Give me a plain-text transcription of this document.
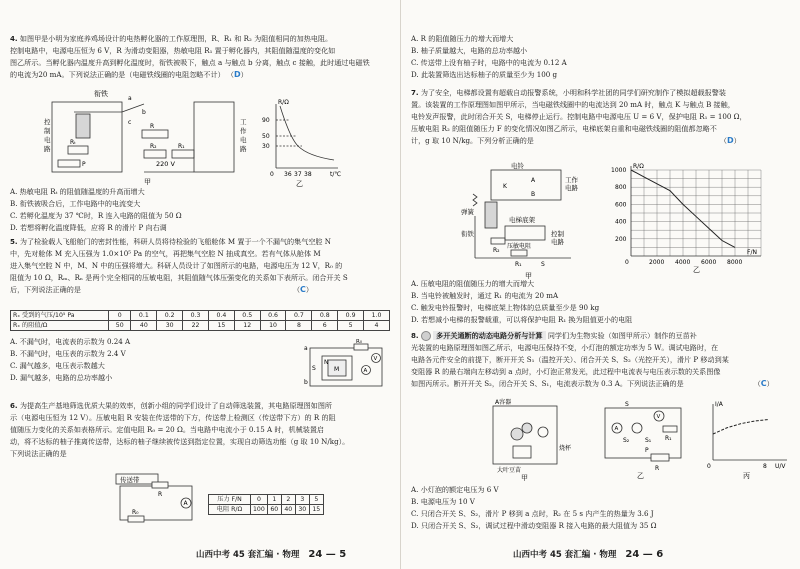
4. 如图甲是小明为家庭养鸡场设计的电热孵化器的工作原理图，R、R₁ 和 R₂ 为阻值相同的加热电阻。
控制电路中，电源电压恒为 6 V，R 为滑动变阻器，热敏电阻 R₁ 置于孵化器内，其阻值随温度的变化如
图乙所示。当孵化器内温度升高到孵化温度时，衔铁被吸下，触点 a 与触点 b 分离，触点 c 接触，此时通过电磁铁
的电流为20 mA。下列说法正确的是（电磁铁线圈的电阻忽略不计） （D）
衔铁
a
b
c
R
R₁
R₂
Rₜ
P	220 V
控
制
电
路
工
作
电
路
甲
R/Ω
t/℃
90
50
30
0 36 37 38
乙
A. 热敏电阻 Rₜ 的阻值随温度的升高而增大
B. 衔铁被吸合后，工作电路中的电流变大
C. 若孵化温度为 37 ℃时，R 连入电路的阻值为 50 Ω
D. 若想将孵化温度降低，应将 R 的滑片 P 向右调
5. 为了检验载人飞船舱门的密封性能，科研人员将待检验的飞船舱体 M 置于一个不漏气的集气空腔 N
中，先对舱体 M 充入压强为 1.0×10⁵ Pa 的空气，再把集气空腔 N 抽成真空。若有气体从舱体 M
进入集气空腔 N 中，M、N 中的压强将增大。科研人员设计了如图所示的电路，电源电压为 12 V，R₀ 的
阻值为 10 Ω，Rₘ、Rₙ 是两个完全相同的压敏电阻，其阻值随气体压强变化的关系如下表所示。闭合开关 S
后，下列说法正确的是	（C）
Rₓ 受到的气压/10⁵ Pa	0	0.1	0.2	0.3	0.4	0.5	0.6	0.7	0.8	0.9	1.0
Rₓ 的阻值/Ω	50	40	30	22	15	12	10	8	6	5	4
A. 不漏气时，电流表的示数为 0.24 A
B. 不漏气时，电压表的示数为 2.4 V
C. 漏气越多，电压表示数越大
D. 漏气越多，电路的总功率越小
a
b
M
N
S
R₀
A
V
6. 为提高生产基地筛选优质大果的效率，创新小组的同学们设计了自动筛选装置，其电路原理图如图所
示（电源电压恒为 12 V）。压敏电阻 R 安装在传送带的下方，传送带上检测区（传送带下方）的 R 的阻
值随压力变化的关系如表格所示。定值电阻 R₀ = 20 Ω。当电路中电流小于 0.15 A 时，机械装置启
动，将不达标的柚子推离传送带，达标的柚子继续被传送到指定位置，实现自动筛选功能（g 取 10 N/kg）。
下列说法正确的是
传送带
R
R₀
A
压力 F/N	0	1	2	3	5
电阻 R/Ω	100	60	40	30	15
山西中考 45 套汇编 · 物理 24 — 5
A. R 的阻值随压力的增大而增大
B. 柚子质量越大，电路的总功率越小
C. 传送带上没有柚子时，电路中的电流为 0.12 A
D. 此装置筛选出达标柚子的质量至少为 100 g
7. 为了安全，电梯都设置有超载自动报警系统，小明和科学社团的同学们研究制作了模拟超载报警装
置。该装置的工作原理图如图甲所示，当电磁铁线圈中的电流达到 20 mA 时，触点 K 与触点 B 接触，
电铃发声报警，此时闭合开关 S，电梯停止运行。控制电路中电源电压 U = 6 V，保护电阻 R₁ = 100 Ω，
压敏电阻 R₂ 的阻值随压力 F 的变化情况如图乙所示，电梯底架自重和电磁铁线圈的阻值都忽略不
计，g 取 10 N/kg。下列分析正确的是	（D）
电铃
工作
电路
K
A
B
弹簧
衔铁
电梯底架
控制
电路
压敏电阻
R₁
R₂
S
甲
R/Ω
F/N
1000
800
600
400
200
0	2000 4000 6000 8000
乙
A. 压敏电阻的阻值随压力的增大而增大
B. 当电铃被触发时，通过 R₁ 的电流为 20 mA
C. 触发电铃报警时，电梯底架上物体的总质量至少是 90 kg
D. 若想减小电梯的报警载重，可以将保护电阻 R₁ 换为阻值更小的电阻
8. 多开关通断的动态电路分析与计算 同学们为生物实验（如图甲所示）制作的豆苗补
光装置的电路原理图如图乙所示，电源电压保持不变，小灯泡的额定功率为 5 W。调试电路时，在
电路各元件安全的前提下，断开开关 S₁（温控开关）、闭合开关 S、S₂（光控开关），滑片 P 移动到某
变阻器 R 的最右端向左移动到 a 点时，小灯泡正常发光，此过程中电流表与电压表示数的关系图像
如图丙所示。断开开关 S₂，闭合开关 S、S₁，电流表示数为 0.3 A。下列说法正确的是	（C）
A容器
大叶豆苗
烧杯
甲
A
V
S
S₁
S₂
R
P
R₁
乙
I/A
U/V
0	8
丙
A. 小灯泡的额定电压为 6 V
B. 电源电压为 10 V
C. 只闭合开关 S、S₂，滑片 P 移到 a 点时，R₂ 在 5 s 内产生的热量为 3.6 J
D. 只闭合开关 S、S₂，调试过程中滑动变阻器 R 接入电路的最大阻值为 35 Ω
山西中考 45 套汇编 · 物理 24 — 6
